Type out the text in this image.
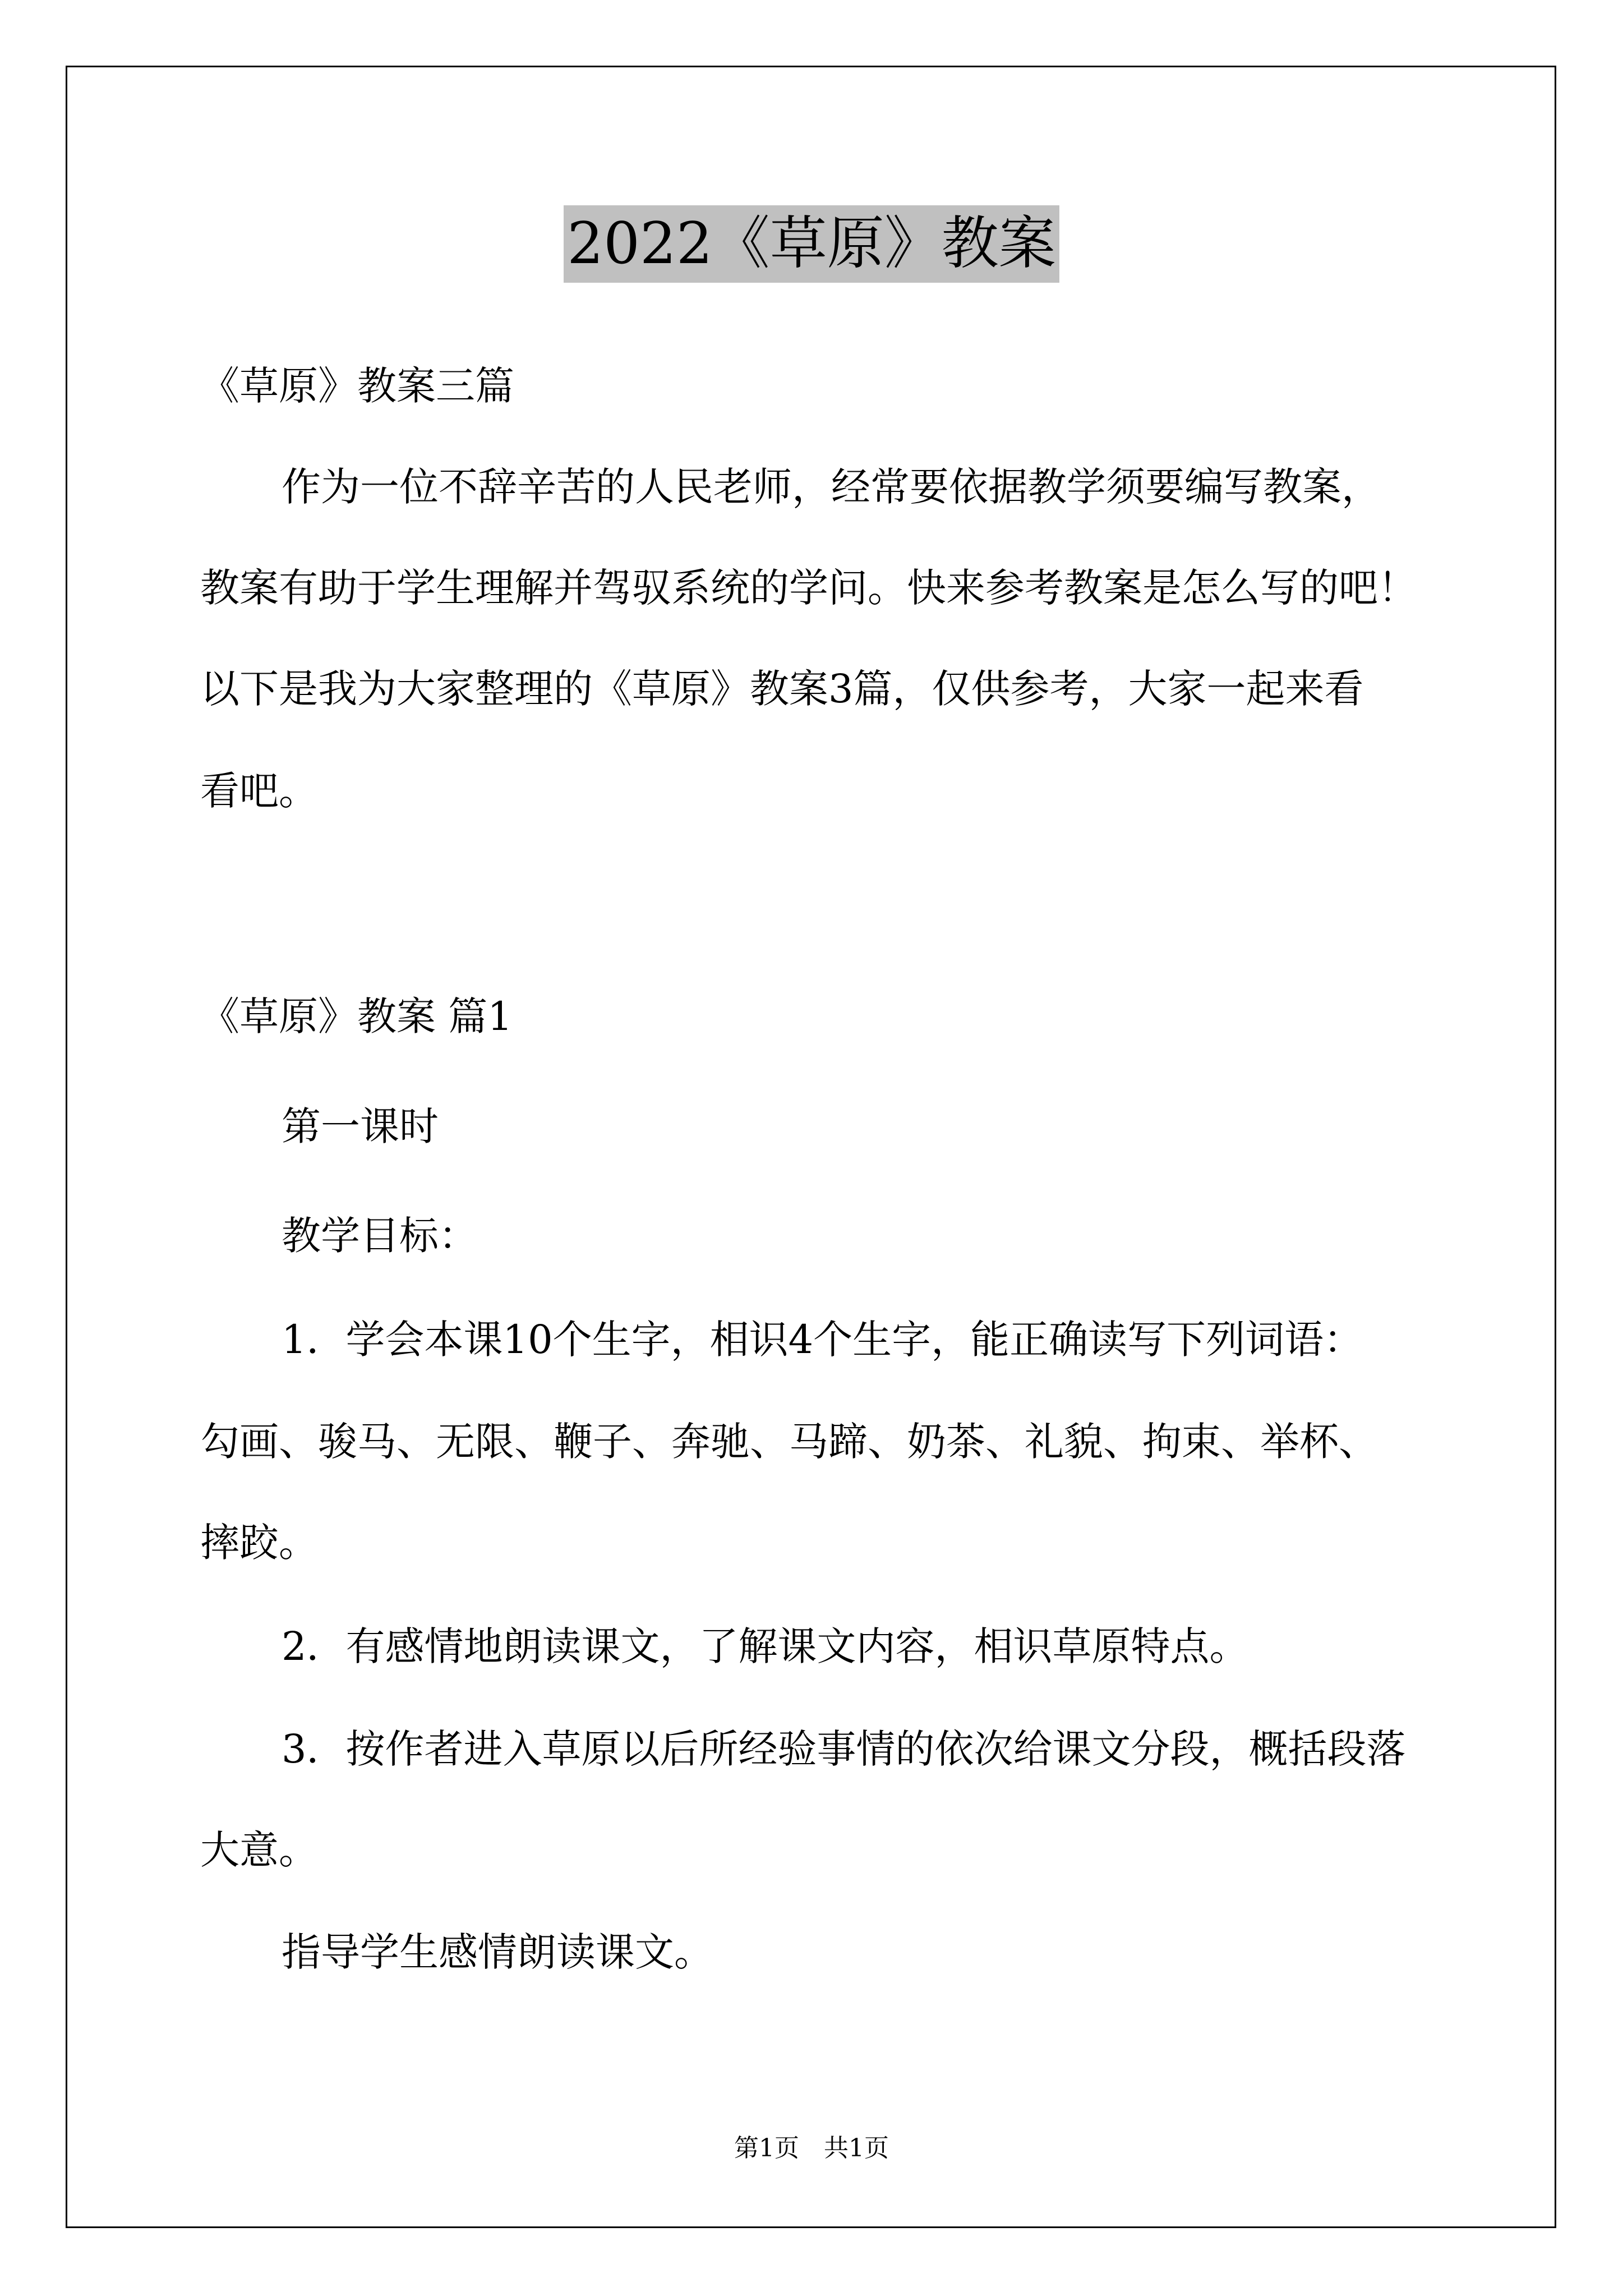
2022《草原》教案
《草原》教案三篇
作为一位不辞辛苦的人民老师，经常要依据教学须要编写教案，
教案有助于学生理解并驾驭系统的学问。快来参考教案是怎么写的吧！
以下是我为大家整理的《草原》教案3篇，仅供参考，大家一起来看
看吧。
《草原》教案 篇1
第一课时
教学目标：
1．学会本课10个生字，相识4个生字，能正确读写下列词语：
勾画、骏马、无限、鞭子、奔驰、马蹄、奶茶、礼貌、拘束、举杯、
摔跤。
2．有感情地朗读课文，了解课文内容，相识草原特点。
3．按作者进入草原以后所经验事情的依次给课文分段，概括段落
大意。
指导学生感情朗读课文。
第1页　共1页
